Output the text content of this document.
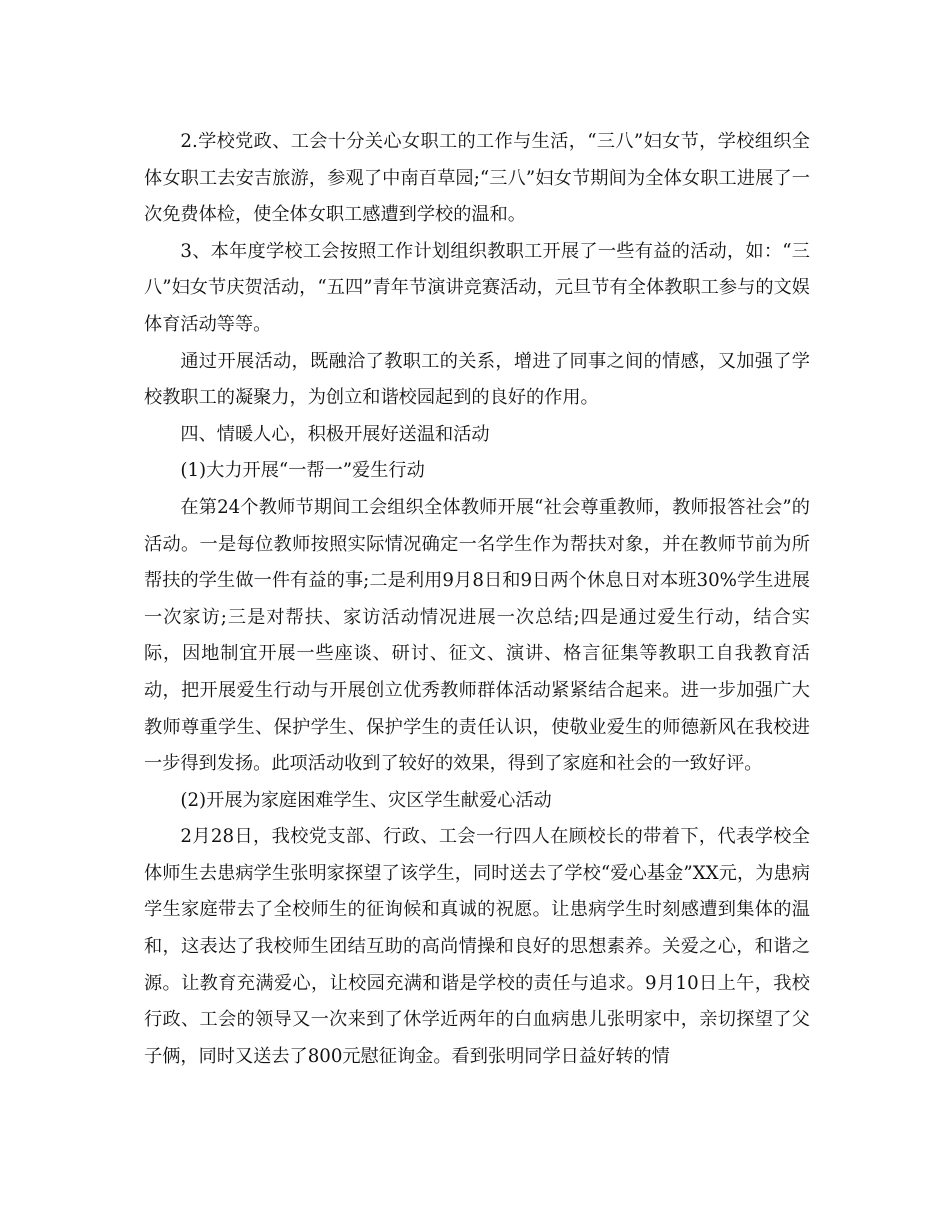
2.学校党政、工会十分关心女职工的工作与生活，“三八”妇女节，学校组织全体女职工去安吉旅游，参观了中南百草园;“三八”妇女节期间为全体女职工进展了一次免费体检，使全体女职工感遭到学校的温和。

3、本年度学校工会按照工作计划组织教职工开展了一些有益的活动，如：“三八”妇女节庆贺活动，“五四”青年节演讲竞赛活动，元旦节有全体教职工参与的文娱体育活动等等。

通过开展活动，既融洽了教职工的关系，增进了同事之间的情感，又加强了学校教职工的凝聚力，为创立和谐校园起到的良好的作用。

四、情暖人心，积极开展好送温和活动

(1)大力开展“一帮一”爱生行动

在第24个教师节期间工会组织全体教师开展“社会尊重教师，教师报答社会”的活动。一是每位教师按照实际情况确定一名学生作为帮扶对象，并在教师节前为所帮扶的学生做一件有益的事;二是利用9月8日和9日两个休息日对本班30%学生进展一次家访;三是对帮扶、家访活动情况进展一次总结;四是通过爱生行动，结合实际，因地制宜开展一些座谈、研讨、征文、演讲、格言征集等教职工自我教育活动，把开展爱生行动与开展创立优秀教师群体活动紧紧结合起来。进一步加强广大教师尊重学生、保护学生、保护学生的责任认识，使敬业爱生的师德新风在我校进一步得到发扬。此项活动收到了较好的效果，得到了家庭和社会的一致好评。

(2)开展为家庭困难学生、灾区学生献爱心活动

2月28日，我校党支部、行政、工会一行四人在顾校长的带着下，代表学校全体师生去患病学生张明家探望了该学生，同时送去了学校“爱心基金”XX元，为患病学生家庭带去了全校师生的征询候和真诚的祝愿。让患病学生时刻感遭到集体的温和，这表达了我校师生团结互助的高尚情操和良好的思想素养。关爱之心，和谐之源。让教育充满爱心，让校园充满和谐是学校的责任与追求。9月10日上午，我校行政、工会的领导又一次来到了休学近两年的白血病患儿张明家中，亲切探望了父子俩，同时又送去了800元慰征询金。看到张明同学日益好转的情
